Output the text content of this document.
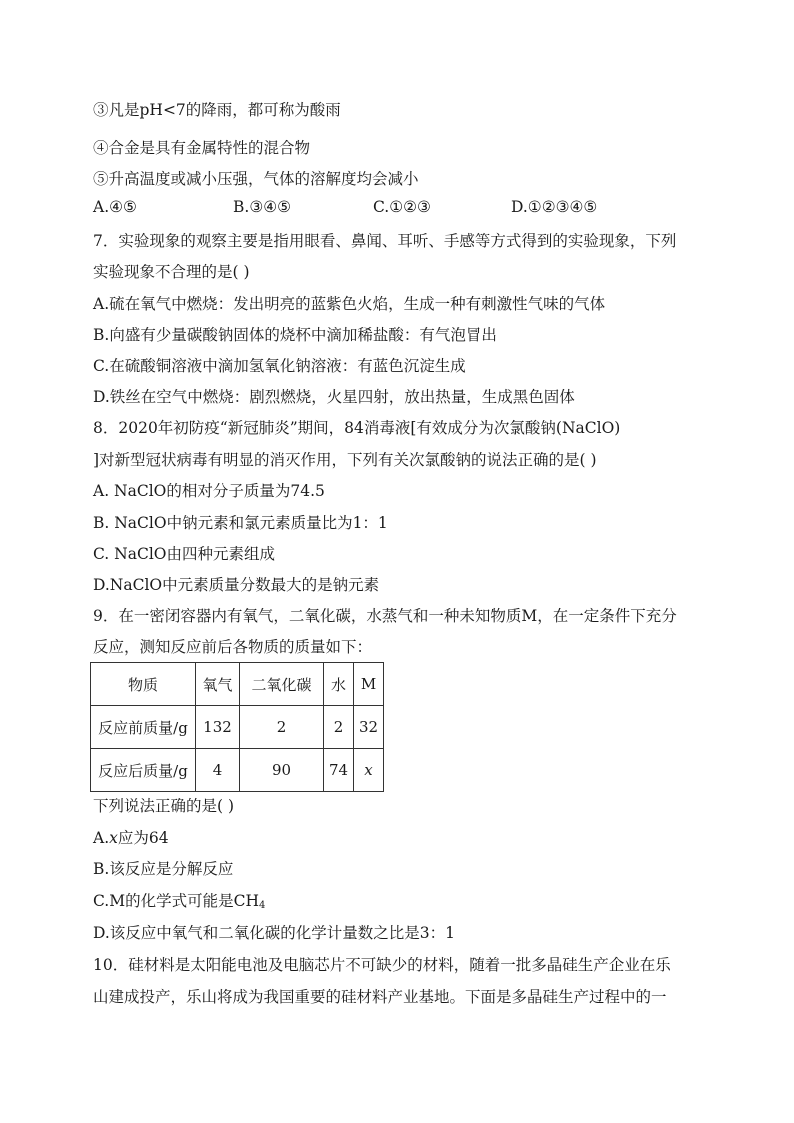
③凡是pH<7的降雨，都可称为酸雨
④合金是具有金属特性的混合物
⑤升高温度或减小压强，气体的溶解度均会减小
A.④⑤	B.③④⑤	C.①②③	D.①②③④⑤
7．实验现象的观察主要是指用眼看、鼻闻、耳听、手感等方式得到的实验现象，下列
实验现象不合理的是( )
A.硫在氧气中燃烧：发出明亮的蓝紫色火焰，生成一种有刺激性气味的气体
B.向盛有少量碳酸钠固体的烧杯中滴加稀盐酸：有气泡冒出
C.在硫酸铜溶液中滴加氢氧化钠溶液：有蓝色沉淀生成
D.铁丝在空气中燃烧：剧烈燃烧，火星四射，放出热量，生成黑色固体
8．2020年初防疫“新冠肺炎”期间，84消毒液[有效成分为次氯酸钠(NaClO)
]对新型冠状病毒有明显的消灭作用，下列有关次氯酸钠的说法正确的是( )
A. NaClO的相对分子质量为74.5
B. NaClO中钠元素和氯元素质量比为1：1
C. NaClO由四种元素组成
D.NaClO中元素质量分数最大的是钠元素
9．在一密闭容器内有氧气，二氧化碳，水蒸气和一种未知物质M，在一定条件下充分
反应，测知反应前后各物质的质量如下：
物质	氧气	二氧化碳	水	M
反应前质量/g	132	2	2	32
反应后质量/g	4	90	74	x
下列说法正确的是( )
A.x应为64
B.该反应是分解反应
C.M的化学式可能是$CH_4$
D.该反应中氧气和二氧化碳的化学计量数之比是3：1
10．硅材料是太阳能电池及电脑芯片不可缺少的材料，随着一批多晶硅生产企业在乐
山建成投产，乐山将成为我国重要的硅材料产业基地。下面是多晶硅生产过程中的一
